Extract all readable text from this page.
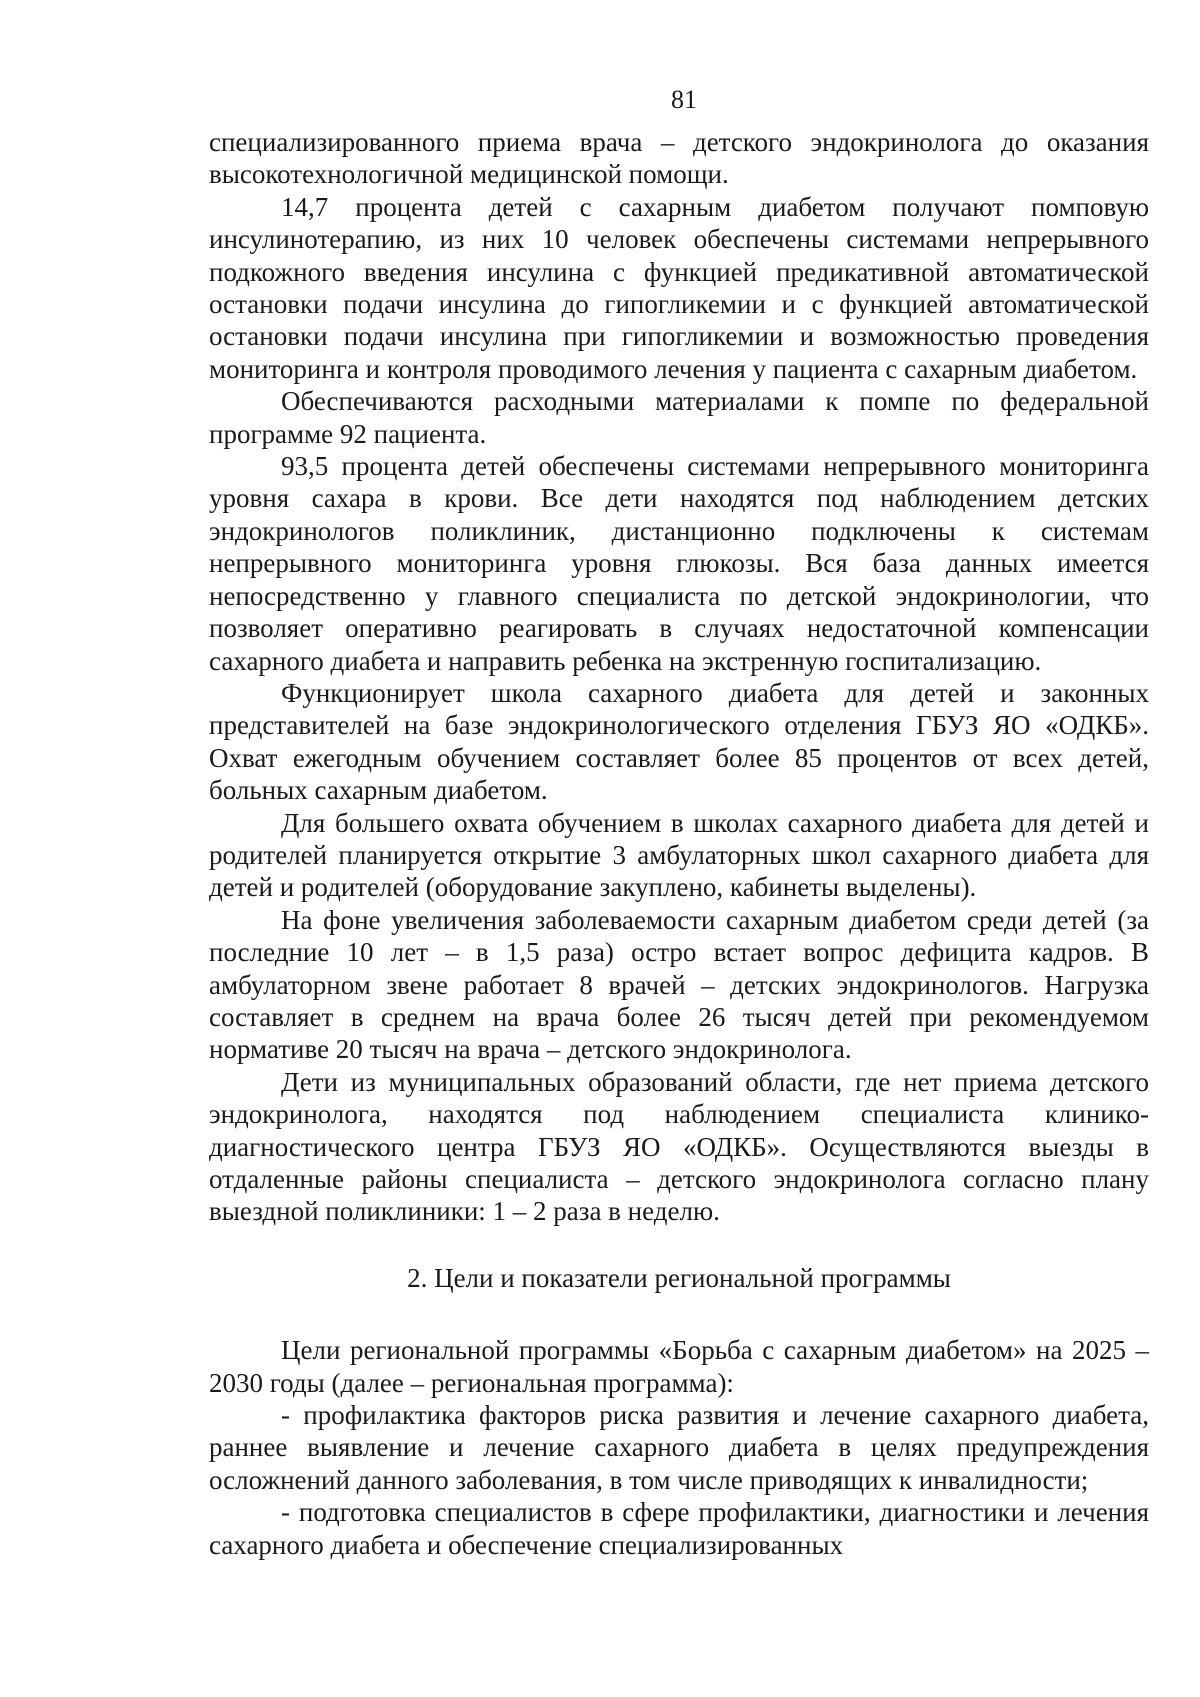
81

специализированного приема врача – детского эндокринолога до оказания высокотехнологичной медицинской помощи.

14,7 процента детей с сахарным диабетом получают помповую инсулинотерапию, из них 10 человек обеспечены системами непрерывного подкожного введения инсулина с функцией предикативной автоматической остановки подачи инсулина до гипогликемии и с функцией автоматической остановки подачи инсулина при гипогликемии и возможностью проведения мониторинга и контроля проводимого лечения у пациента с сахарным диабетом.

Обеспечиваются расходными материалами к помпе по федеральной программе 92 пациента.

93,5 процента детей обеспечены системами непрерывного мониторинга уровня сахара в крови. Все дети находятся под наблюдением детских эндокринологов поликлиник, дистанционно подключены к системам непрерывного мониторинга уровня глюкозы. Вся база данных имеется непосредственно у главного специалиста по детской эндокринологии, что позволяет оперативно реагировать в случаях недостаточной компенсации сахарного диабета и направить ребенка на экстренную госпитализацию.

Функционирует школа сахарного диабета для детей и законных представителей на базе эндокринологического отделения ГБУЗ ЯО «ОДКБ». Охват ежегодным обучением составляет более 85 процентов от всех детей, больных сахарным диабетом.

Для большего охвата обучением в школах сахарного диабета для детей и родителей планируется открытие 3 амбулаторных школ сахарного диабета для детей и родителей (оборудование закуплено, кабинеты выделены).

На фоне увеличения заболеваемости сахарным диабетом среди детей (за последние 10 лет – в 1,5 раза) остро встает вопрос дефицита кадров. В амбулаторном звене работает 8 врачей – детских эндокринологов. Нагрузка составляет в среднем на врача более 26 тысяч детей при рекомендуемом нормативе 20 тысяч на врача – детского эндокринолога.

Дети из муниципальных образований области, где нет приема детского эндокринолога, находятся под наблюдением специалиста клинико-диагностического центра ГБУЗ ЯО «ОДКБ». Осуществляются выезды в отдаленные районы специалиста – детского эндокринолога согласно плану выездной поликлиники: 1 – 2 раза в неделю.

2. Цели и показатели региональной программы

Цели региональной программы «Борьба с сахарным диабетом» на 2025 – 2030 годы (далее – региональная программа):

- профилактика факторов риска развития и лечение сахарного диабета, раннее выявление и лечение сахарного диабета в целях предупреждения осложнений данного заболевания, в том числе приводящих к инвалидности;

- подготовка специалистов в сфере профилактики, диагностики и лечения сахарного диабета и обеспечение специализированных
